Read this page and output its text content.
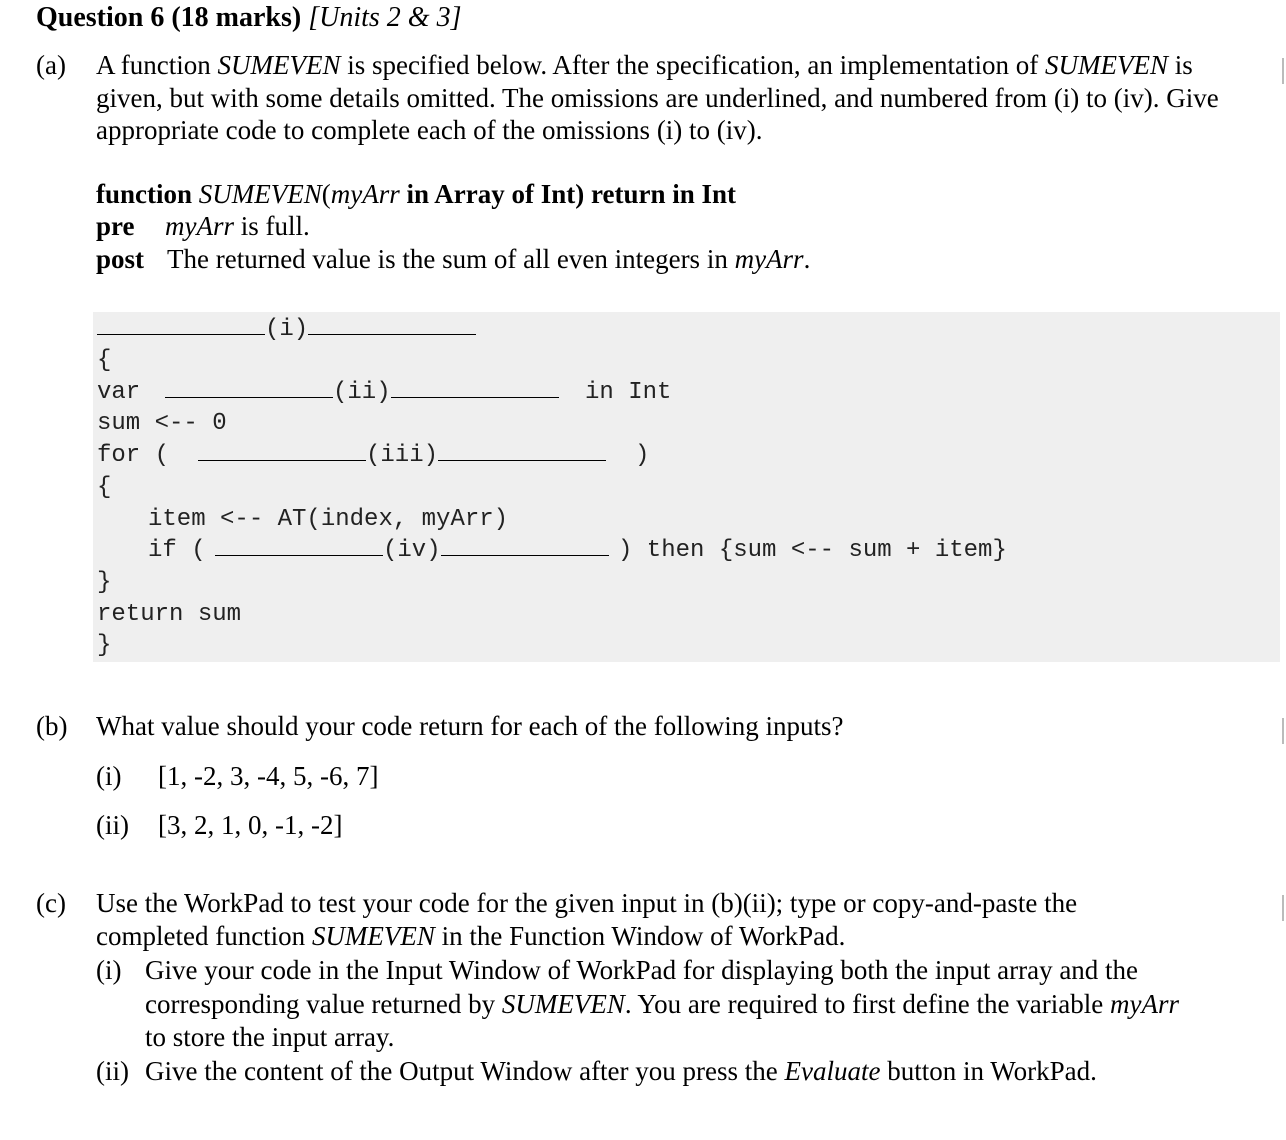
Question 6 (18 marks) [Units 2 & 3]
(a) A function SUMEVEN is specified below. After the specification, an implementation of SUMEVEN is
given, but with some details omitted. The omissions are underlined, and numbered from (i) to (iv). Give
appropriate code to complete each of the omissions (i) to (iv).
function SUMEVEN(myArr in Array of Int) return in Int
pre myArr is full.
post The returned value is the sum of all even integers in myArr.
(i)
{
var	(ii)	in Int
sum <-- 0
for (	(iii)	)
{
item <-- AT(index, myArr)
if (	(iv)	) then {sum <-- sum + item}
}
return sum
}
(b) What value should your code return for each of the following inputs?
(i) [1, -2, 3, -4, 5, -6, 7]
(ii) [3, 2, 1, 0, -1, -2]
(c) Use the WorkPad to test your code for the given input in (b)(ii); type or copy-and-paste the
completed function SUMEVEN in the Function Window of WorkPad.
(i) Give your code in the Input Window of WorkPad for displaying both the input array and the
corresponding value returned by SUMEVEN. You are required to first define the variable myArr
to store the input array.
(ii) Give the content of the Output Window after you press the Evaluate button in WorkPad.
